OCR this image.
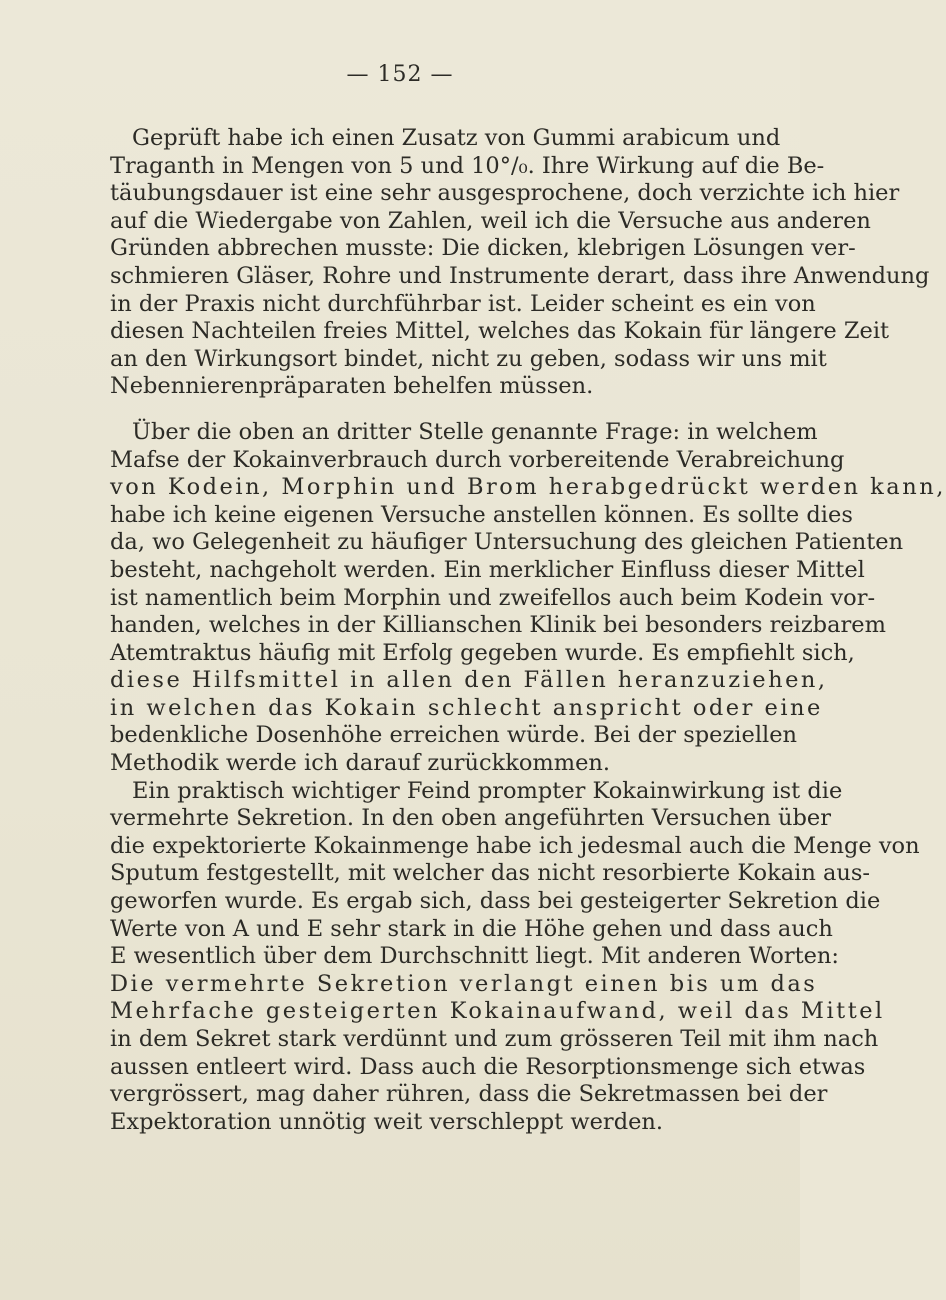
— 152 —

Geprüft habe ich einen Zusatz von Gummi arabicum und
Traganth in Mengen von 5 und 10°/₀. Ihre Wirkung auf die Be-
täubungsdauer ist eine sehr ausgesprochene, doch verzichte ich hier
auf die Wiedergabe von Zahlen, weil ich die Versuche aus anderen
Gründen abbrechen musste: Die dicken, klebrigen Lösungen ver-
schmieren Gläser, Rohre und Instrumente derart, dass ihre Anwendung
in der Praxis nicht durchführbar ist. Leider scheint es ein von
diesen Nachteilen freies Mittel, welches das Kokain für längere Zeit
an den Wirkungsort bindet, nicht zu geben, sodass wir uns mit
Nebennierenpräparaten behelfen müssen.

Über die oben an dritter Stelle genannte Frage: in welchem
Mafse der Kokainverbrauch durch vorbereitende Verabreichung
von Kodein, Morphin und Brom herabgedrückt werden kann,
habe ich keine eigenen Versuche anstellen können. Es sollte dies
da, wo Gelegenheit zu häufiger Untersuchung des gleichen Patienten
besteht, nachgeholt werden. Ein merklicher Einfluss dieser Mittel
ist namentlich beim Morphin und zweifellos auch beim Kodein vor-
handen, welches in der Killianschen Klinik bei besonders reizbarem
Atemtraktus häufig mit Erfolg gegeben wurde. Es empfiehlt sich,
diese Hilfsmittel in allen den Fällen heranzuziehen,
in welchen das Kokain schlecht anspricht oder eine
bedenkliche Dosenhöhe erreichen würde. Bei der speziellen
Methodik werde ich darauf zurückkommen.

Ein praktisch wichtiger Feind prompter Kokainwirkung ist die
vermehrte Sekretion. In den oben angeführten Versuchen über
die expektorierte Kokainmenge habe ich jedesmal auch die Menge von
Sputum festgestellt, mit welcher das nicht resorbierte Kokain aus-
geworfen wurde. Es ergab sich, dass bei gesteigerter Sekretion die
Werte von A und E sehr stark in die Höhe gehen und dass auch
E wesentlich über dem Durchschnitt liegt. Mit anderen Worten:
Die vermehrte Sekretion verlangt einen bis um das
Mehrfache gesteigerten Kokainaufwand, weil das Mittel
in dem Sekret stark verdünnt und zum grösseren Teil mit ihm nach
aussen entleert wird. Dass auch die Resorptionsmenge sich etwas
vergrössert, mag daher rühren, dass die Sekretmassen bei der
Expektoration unnötig weit verschleppt werden.
